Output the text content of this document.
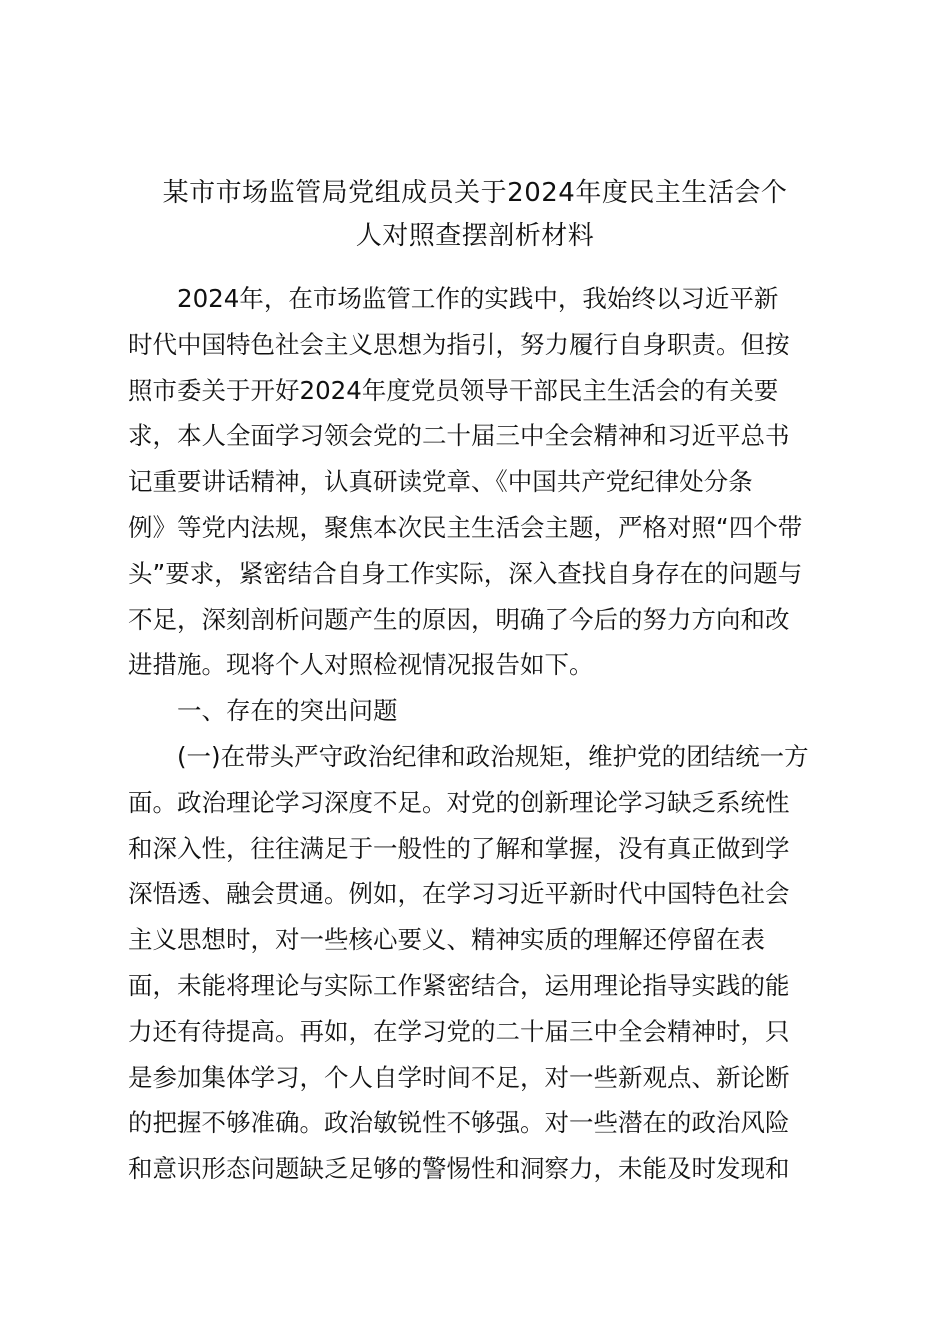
某市市场监管局党组成员关于2024年度民主生活会个
人对照查摆剖析材料
2024年，在市场监管工作的实践中，我始终以习近平新
时代中国特色社会主义思想为指引，努力履行自身职责。但按
照市委关于开好2024年度党员领导干部民主生活会的有关要
求，本人全面学习领会党的二十届三中全会精神和习近平总书
记重要讲话精神，认真研读党章、《中国共产党纪律处分条
例》等党内法规，聚焦本次民主生活会主题，严格对照“四个带
头”要求，紧密结合自身工作实际，深入查找自身存在的问题与
不足，深刻剖析问题产生的原因，明确了今后的努力方向和改
进措施。现将个人对照检视情况报告如下。
一、存在的突出问题
(一)在带头严守政治纪律和政治规矩，维护党的团结统一方
面。政治理论学习深度不足。对党的创新理论学习缺乏系统性
和深入性，往往满足于一般性的了解和掌握，没有真正做到学
深悟透、融会贯通。例如，在学习习近平新时代中国特色社会
主义思想时，对一些核心要义、精神实质的理解还停留在表
面，未能将理论与实际工作紧密结合，运用理论指导实践的能
力还有待提高。再如，在学习党的二十届三中全会精神时，只
是参加集体学习，个人自学时间不足，对一些新观点、新论断
的把握不够准确。政治敏锐性不够强。对一些潜在的政治风险
和意识形态问题缺乏足够的警惕性和洞察力，未能及时发现和
